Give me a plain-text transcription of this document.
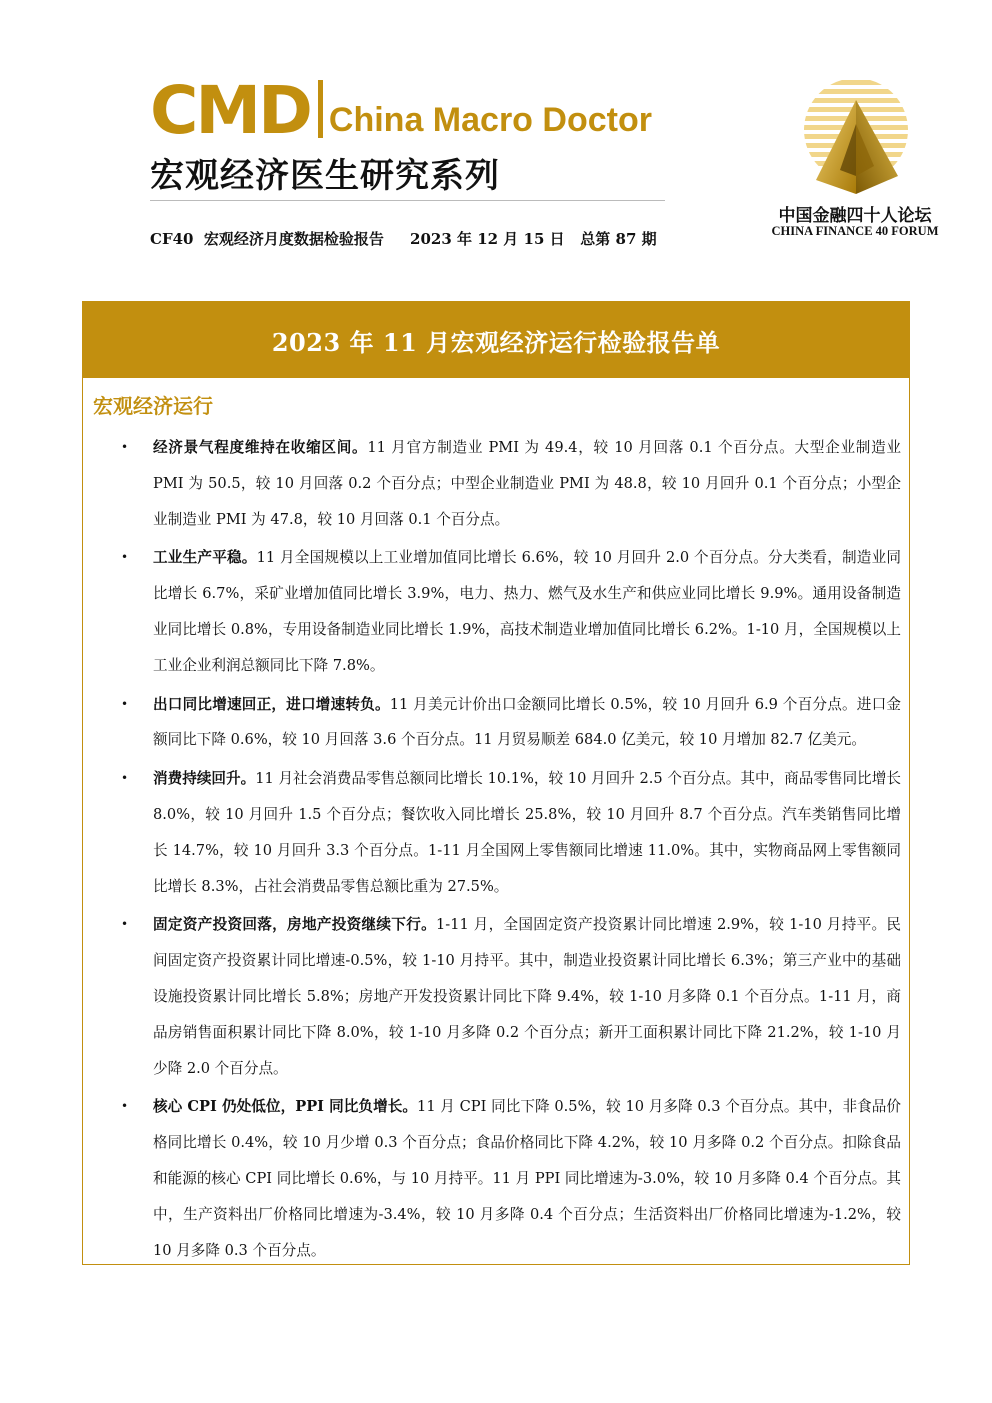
CMD China Macro Doctor
宏观经济医生研究系列
CF40  宏观经济月度数据检验报告     2023 年 12 月 15 日   总第 87 期
中国金融四十人论坛
CHINA FINANCE 40 FORUM
2023 年 11 月宏观经济运行检验报告单
宏观经济运行
• 经济景气程度维持在收缩区间。11 月官方制造业 PMI 为 49.4，较 10 月回落 0.1 个百分点。大型企业制造业 PMI 为 50.5，较 10 月回落 0.2 个百分点；中型企业制造业 PMI 为 48.8，较 10 月回升 0.1 个百分点；小型企业制造业 PMI 为 47.8，较 10 月回落 0.1 个百分点。
• 工业生产平稳。11 月全国规模以上工业增加值同比增长 6.6%，较 10 月回升 2.0 个百分点。分大类看，制造业同比增长 6.7%，采矿业增加值同比增长 3.9%，电力、热力、燃气及水生产和供应业同比增长 9.9%。通用设备制造业同比增长 0.8%，专用设备制造业同比增长 1.9%，高技术制造业增加值同比增长 6.2%。1-10 月，全国规模以上工业企业利润总额同比下降 7.8%。
• 出口同比增速回正，进口增速转负。11 月美元计价出口金额同比增长 0.5%，较 10 月回升 6.9 个百分点。进口金额同比下降 0.6%，较 10 月回落 3.6 个百分点。11 月贸易顺差 684.0 亿美元，较 10 月增加 82.7 亿美元。
• 消费持续回升。11 月社会消费品零售总额同比增长 10.1%，较 10 月回升 2.5 个百分点。其中，商品零售同比增长 8.0%，较 10 月回升 1.5 个百分点；餐饮收入同比增长 25.8%，较 10 月回升 8.7 个百分点。汽车类销售同比增长 14.7%，较 10 月回升 3.3 个百分点。1-11 月全国网上零售额同比增速 11.0%。其中，实物商品网上零售额同比增长 8.3%，占社会消费品零售总额比重为 27.5%。
• 固定资产投资回落，房地产投资继续下行。1-11 月，全国固定资产投资累计同比增速 2.9%，较 1-10 月持平。民间固定资产投资累计同比增速-0.5%，较 1-10 月持平。其中，制造业投资累计同比增长 6.3%；第三产业中的基础设施投资累计同比增长 5.8%；房地产开发投资累计同比下降 9.4%，较 1-10 月多降 0.1 个百分点。1-11 月，商品房销售面积累计同比下降 8.0%，较 1-10 月多降 0.2 个百分点；新开工面积累计同比下降 21.2%，较 1-10 月少降 2.0 个百分点。
• 核心 CPI 仍处低位，PPI 同比负增长。11 月 CPI 同比下降 0.5%，较 10 月多降 0.3 个百分点。其中，非食品价格同比增长 0.4%，较 10 月少增 0.3 个百分点；食品价格同比下降 4.2%，较 10 月多降 0.2 个百分点。扣除食品和能源的核心 CPI 同比增长 0.6%，与 10 月持平。11 月 PPI 同比增速为-3.0%，较 10 月多降 0.4 个百分点。其中，生产资料出厂价格同比增速为-3.4%，较 10 月多降 0.4 个百分点；生活资料出厂价格同比增速为-1.2%，较 10 月多降 0.3 个百分点。
